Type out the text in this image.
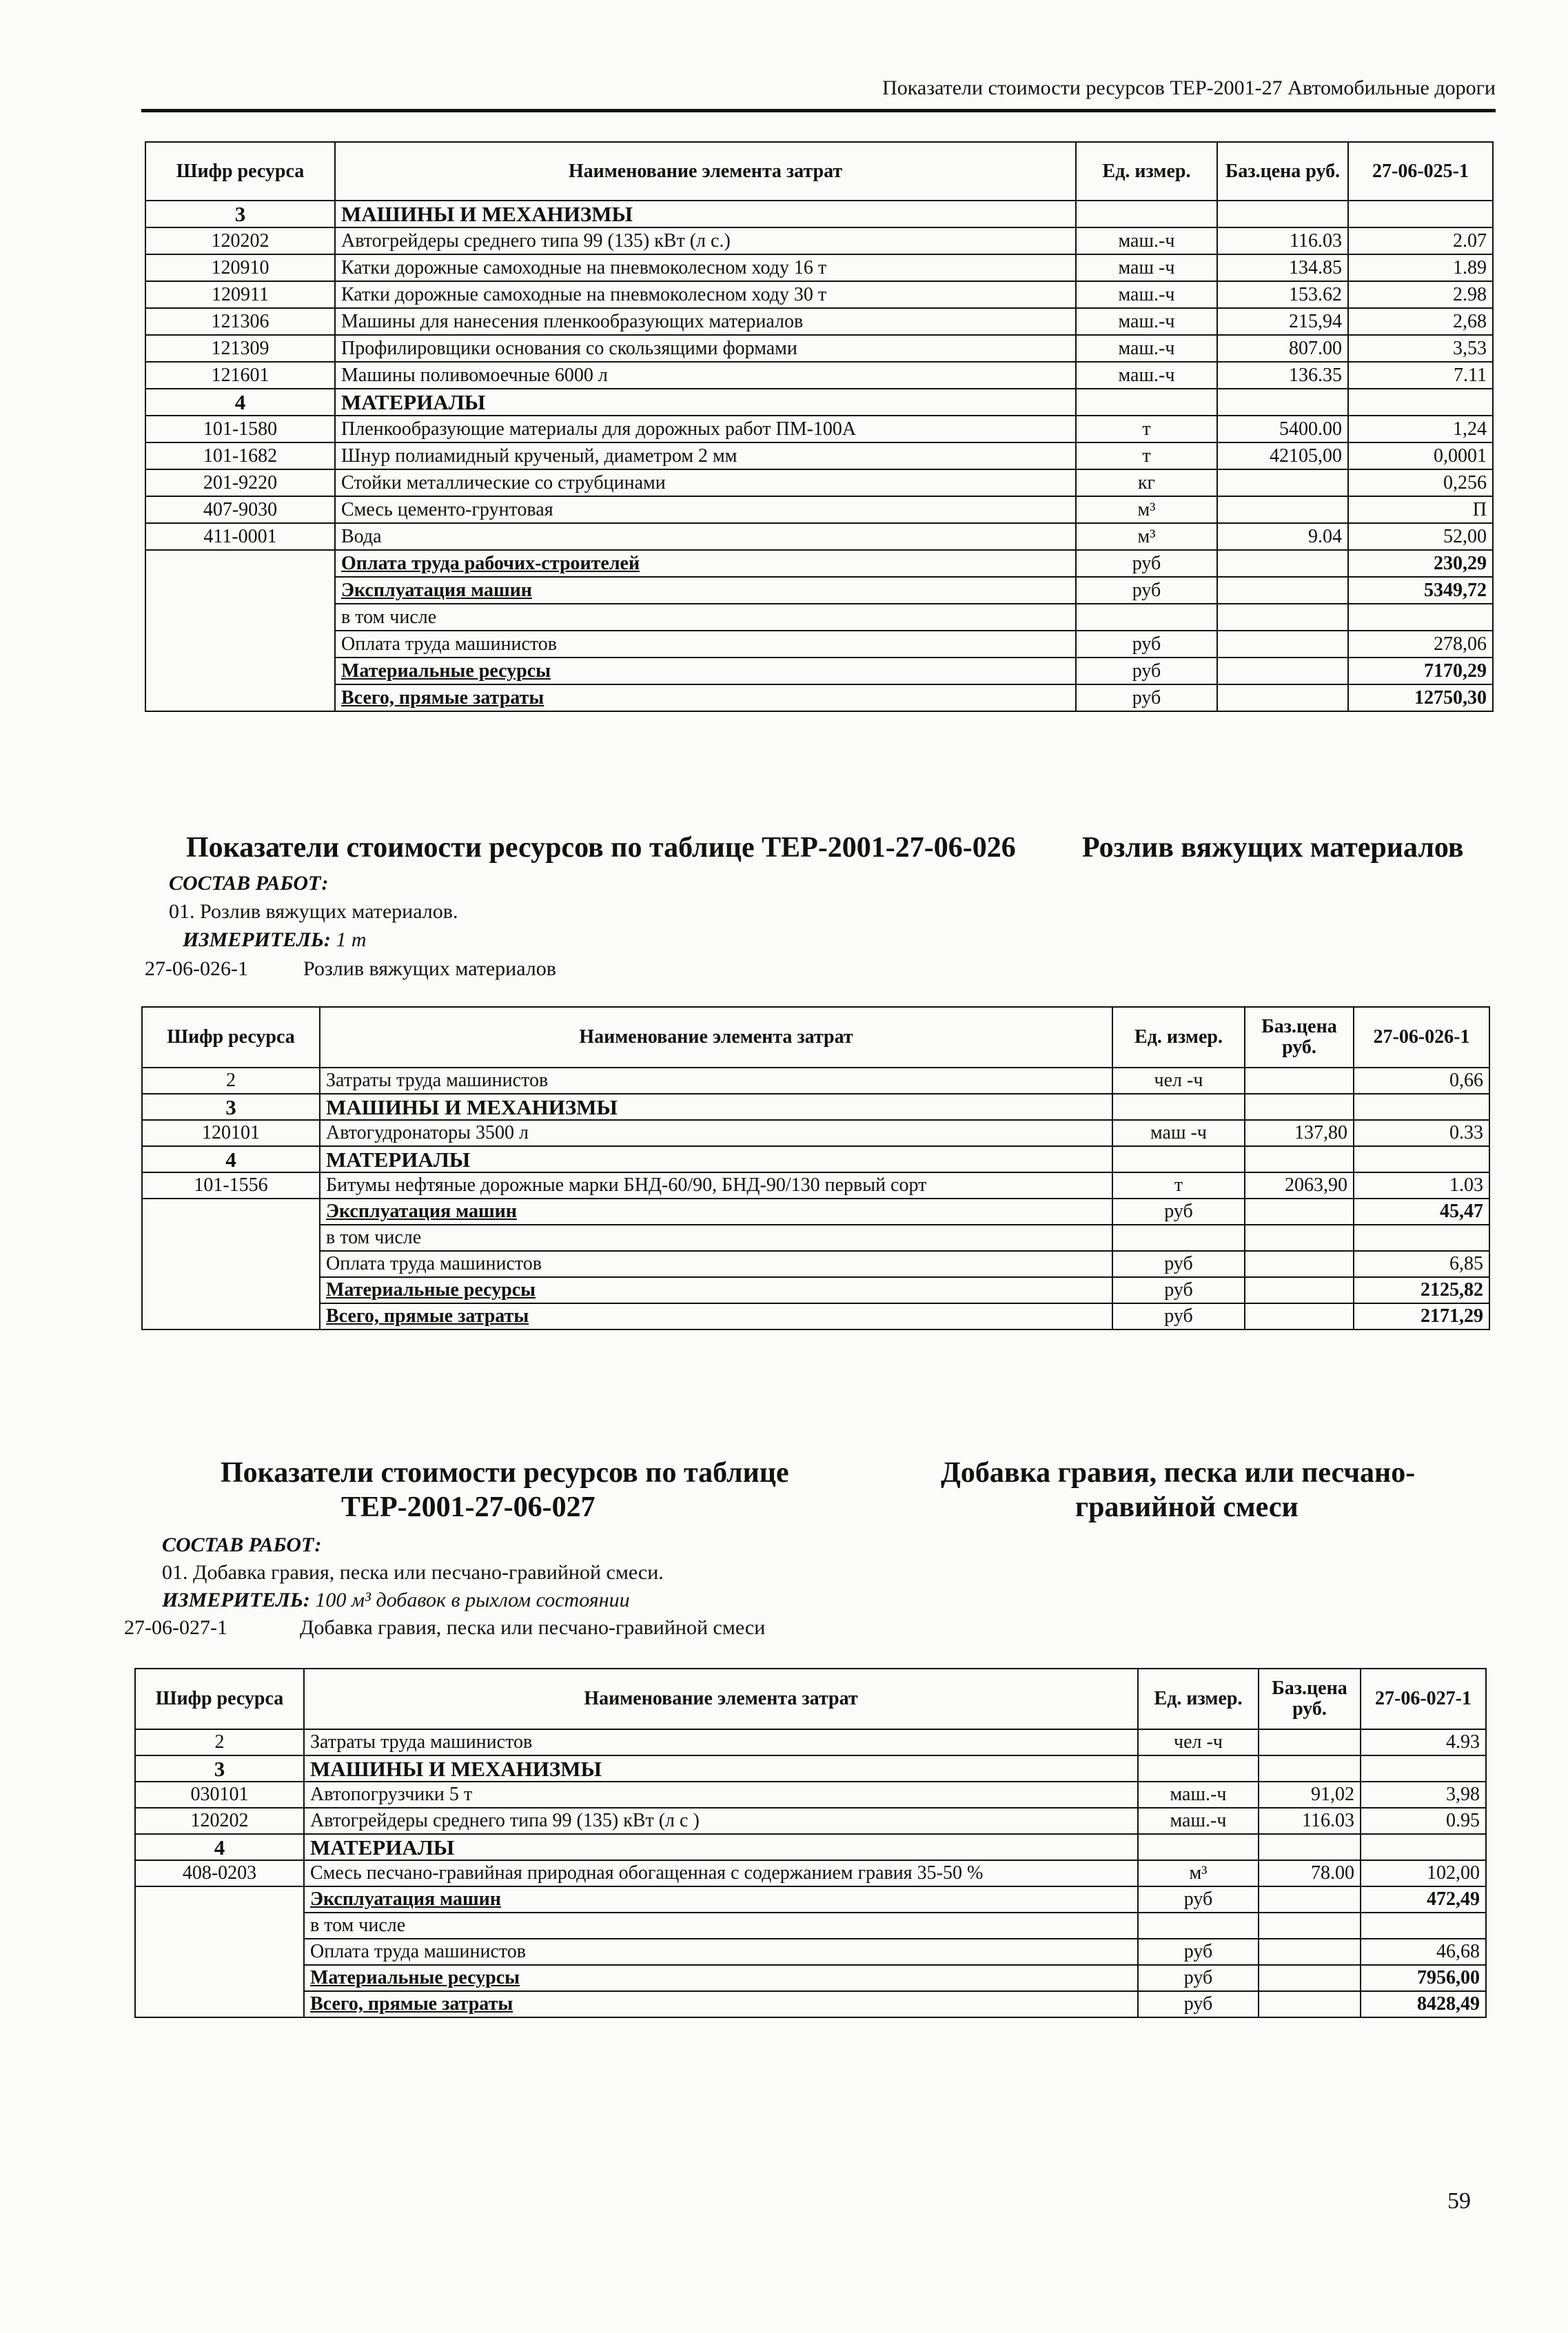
Показатели стоимости ресурсов ТЕР-2001-27 Автомобильные дороги
Шифр ресурса	Наименование элемента затрат	Ед. измер.	Баз.цена руб.	27-06-025-1
3	МАШИНЫ И МЕХАНИЗМЫ			
120202	Автогрейдеры среднего типа 99 (135) кВт (л с.)	маш.-ч	116.03	2.07
120910	Катки дорожные самоходные на пневмоколесном ходу 16 т	маш -ч	134.85	1.89
120911	Катки дорожные самоходные на пневмоколесном ходу 30 т	маш.-ч	153.62	2.98
121306	Машины для нанесения пленкообразующих материалов	маш.-ч	215,94	2,68
121309	Профилировщики основания со скользящими формами	маш.-ч	807.00	3,53
121601	Машины поливомоечные 6000 л	маш.-ч	136.35	7.11
4	МАТЕРИАЛЫ			
101-1580	Пленкообразующие материалы для дорожных работ ПМ-100А	т	5400.00	1,24
101-1682	Шнур полиамидный крученый, диаметром 2 мм	т	42105,00	0,0001
201-9220	Стойки металлические со струбцинами	кг		0,256
407-9030	Смесь цементо-грунтовая	м³		П
411-0001	Вода	м³	9.04	52,00
	Оплата труда рабочих-строителей	руб		230,29
	Эксплуатация машин	руб		5349,72
	в том числе			
	Оплата труда машинистов	руб		278,06
	Материальные ресурсы	руб		7170,29
	Всего, прямые затраты	руб		12750,30
Показатели стоимости ресурсов по таблице ТЕР-2001-27-06-026 Розлив вяжущих материалов
СОСТАВ РАБОТ:
01. Розлив вяжущих материалов.
ИЗМЕРИТЕЛЬ: 1 т
27-06-026-1	Розлив вяжущих материалов
Шифр ресурса	Наименование элемента затрат	Ед. измер.	Баз.цена руб.	27-06-026-1
2	Затраты труда машинистов	чел -ч		0,66
3	МАШИНЫ И МЕХАНИЗМЫ			
120101	Автогудронаторы 3500 л	маш -ч	137,80	0.33
4	МАТЕРИАЛЫ			
101-1556	Битумы нефтяные дорожные марки БНД-60/90, БНД-90/130 первый сорт	т	2063,90	1.03
	Эксплуатация машин	руб		45,47
	в том числе			
	Оплата труда машинистов	руб		6,85
	Материальные ресурсы	руб		2125,82
	Всего, прямые затраты	руб		2171,29
Показатели стоимости ресурсов по таблице
ТЕР-2001-27-06-027
Добавка гравия, песка или песчано-
гравийной смеси
СОСТАВ РАБОТ:
01. Добавка гравия, песка или песчано-гравийной смеси.
ИЗМЕРИТЕЛЬ: 100 м³ добавок в рыхлом состоянии
27-06-027-1	Добавка гравия, песка или песчано-гравийной смеси
Шифр ресурса	Наименование элемента затрат	Ед. измер.	Баз.цена руб.	27-06-027-1
2	Затраты труда машинистов	чел -ч		4.93
3	МАШИНЫ И МЕХАНИЗМЫ			
030101	Автопогрузчики 5 т	маш.-ч	91,02	3,98
120202	Автогрейдеры среднего типа 99 (135) кВт (л с )	маш.-ч	116.03	0.95
4	МАТЕРИАЛЫ			
408-0203	Смесь песчано-гравийная природная обогащенная с содержанием гравия 35-50 %	м³	78.00	102,00
	Эксплуатация машин	руб		472,49
	в том числе			
	Оплата труда машинистов	руб		46,68
	Материальные ресурсы	руб		7956,00
	Всего, прямые затраты	руб		8428,49
59
